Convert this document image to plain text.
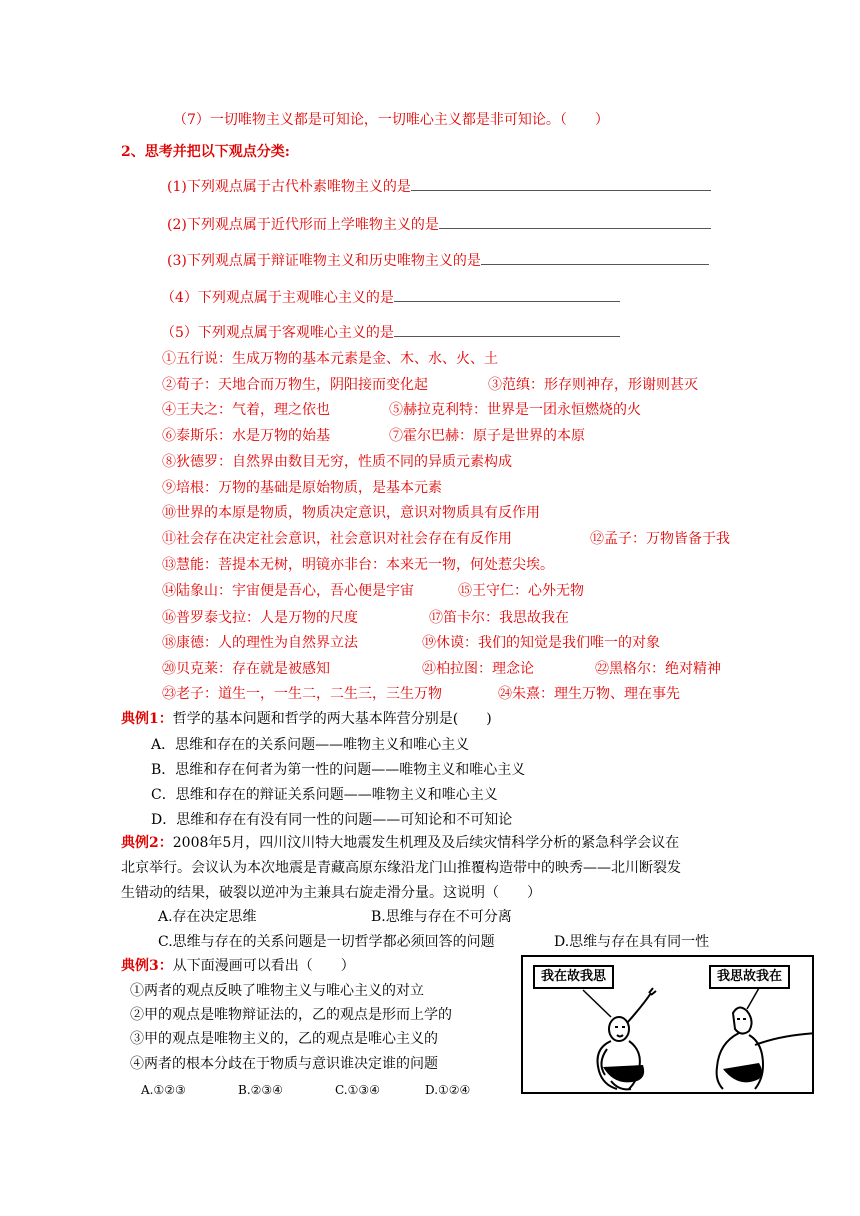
（7）一切唯物主义都是可知论，一切唯心主义都是非可知论。（　　）
2、思考并把以下观点分类:
(1)下列观点属于古代朴素唯物主义的是
(2)下列观点属于近代形而上学唯物主义的是
(3)下列观点属于辩证唯物主义和历史唯物主义的是
（4）下列观点属于主观唯心主义的是
（5）下列观点属于客观唯心主义的是
①五行说：生成万物的基本元素是金、木、水、火、土
②荀子：天地合而万物生，阴阳接而变化起	③范缜：形存则神存，形谢则甚灭
④王夫之：气着，理之依也	⑤赫拉克利特：世界是一团永恒燃烧的火
⑥泰斯乐：水是万物的始基	⑦霍尔巴赫：原子是世界的本原
⑧狄德罗：自然界由数目无穷，性质不同的异质元素构成
⑨培根：万物的基础是原始物质，是基本元素
⑩世界的本原是物质，物质决定意识，意识对物质具有反作用
⑪社会存在决定社会意识，社会意识对社会存在有反作用	⑫孟子：万物皆备于我
⑬慧能：菩提本无树，明镜亦非台：本来无一物，何处惹尖埃。
⑭陆象山：宇宙便是吾心，吾心便是宇宙	⑮王守仁：心外无物
⑯普罗泰戈拉：人是万物的尺度	⑰笛卡尔：我思故我在
⑱康德：人的理性为自然界立法	⑲休谟：我们的知觉是我们唯一的对象
⑳贝克莱：存在就是被感知	㉑柏拉图：理念论	㉒黑格尔：绝对精神
㉓老子：道生一，一生二，二生三，三生万物	㉔朱熹：理生万物、理在事先
典例1：哲学的基本问题和哲学的两大基本阵营分别是(　　)
A．思维和存在的关系问题——唯物主义和唯心主义
B．思维和存在何者为第一性的问题——唯物主义和唯心主义
C．思维和存在的辩证关系问题——唯物主义和唯心主义
D．思维和存在有没有同一性的问题——可知论和不可知论
典例2：2008年5月，四川汶川特大地震发生机理及及后续灾情科学分析的紧急科学会议在
北京举行。会议认为本次地震是青藏高原东缘沿龙门山推覆构造带中的映秀——北川断裂发
生错动的结果，破裂以逆冲为主兼具右旋走滑分量。这说明（　　）
A.存在决定思维	B.思维与存在不可分离
C.思维与存在的关系问题是一切哲学都必须回答的问题	D.思维与存在具有同一性
典例3：从下面漫画可以看出（　　）
①两者的观点反映了唯物主义与唯心主义的对立
②甲的观点是唯物辩证法的，乙的观点是形而上学的
③甲的观点是唯物主义的，乙的观点是唯心主义的
④两者的根本分歧在于物质与意识谁决定谁的问题
A.①②③	B.②③④	C.①③④	D.①②④
我在故我思	我思故我在
